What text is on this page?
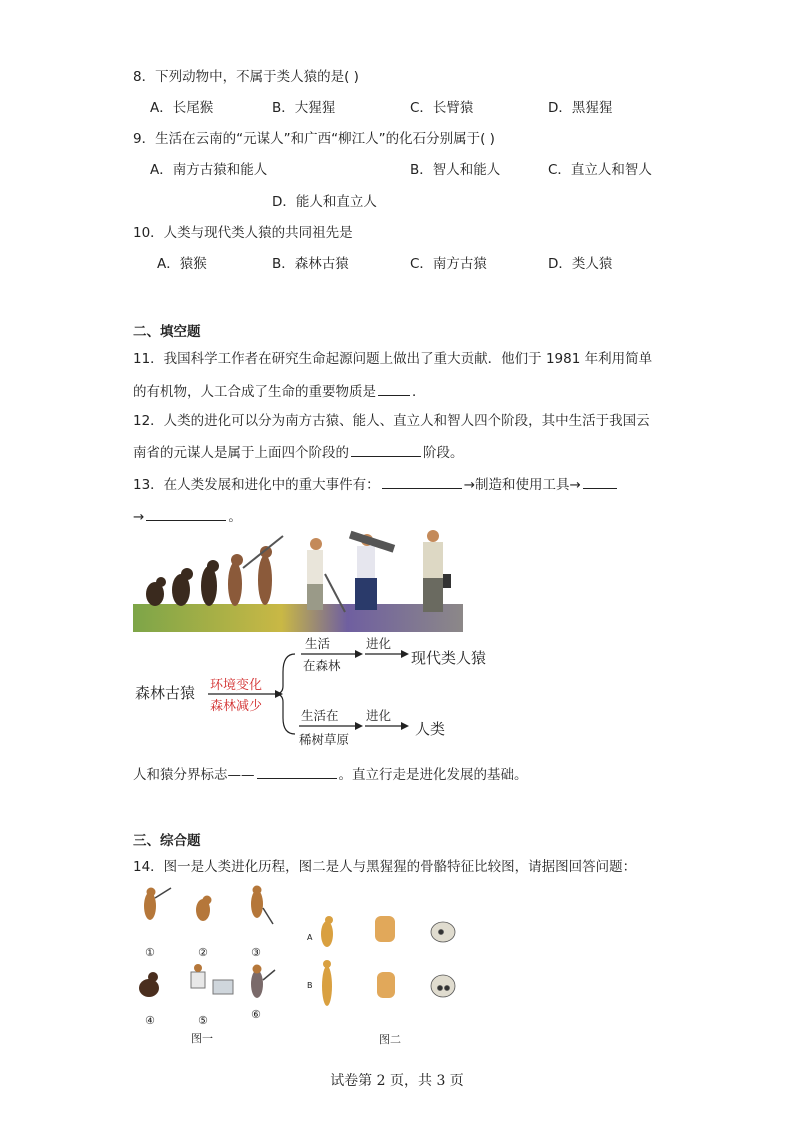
8．下列动物中，不属于类人猿的是( )
A．长尾猴	B．大猩猩	C．长臂猿	D．黑猩猩
9．生活在云南的“元谋人”和广西“柳江人”的化石分别属于( )
A．南方古猿和能人	B．智人和能人	C．直立人和智人
D．能人和直立人
10．人类与现代类人猿的共同祖先是
A．猿猴	B．森林古猿	C．南方古猿	D．类人猿
二、填空题
11．我国科学工作者在研究生命起源问题上做出了重大贡献．他们于 1981 年利用简单
的有机物，人工合成了生命的重要物质是	．
12．人类的进化可以分为南方古猿、能人、直立人和智人四个阶段，其中生活于我国云
南省的元谋人是属于上面四个阶段的	阶段。
13．在人类发展和进化中的重大事件有：	→制造和使用工具→
→	。
森林古猿 环境变化
森林减少
生活
在森林
进化
现代类人猿
生活在
稀树草原
进化
人类
人和猿分界标志——	。直立行走是进化发展的基础。
三、综合题
14．图一是人类进化历程，图二是人与黑猩猩的骨骼特征比较图，请据图回答问题：
①	②	③
④	⑤	⑥
图一
A
B
图二
试卷第 2 页，共 3 页
